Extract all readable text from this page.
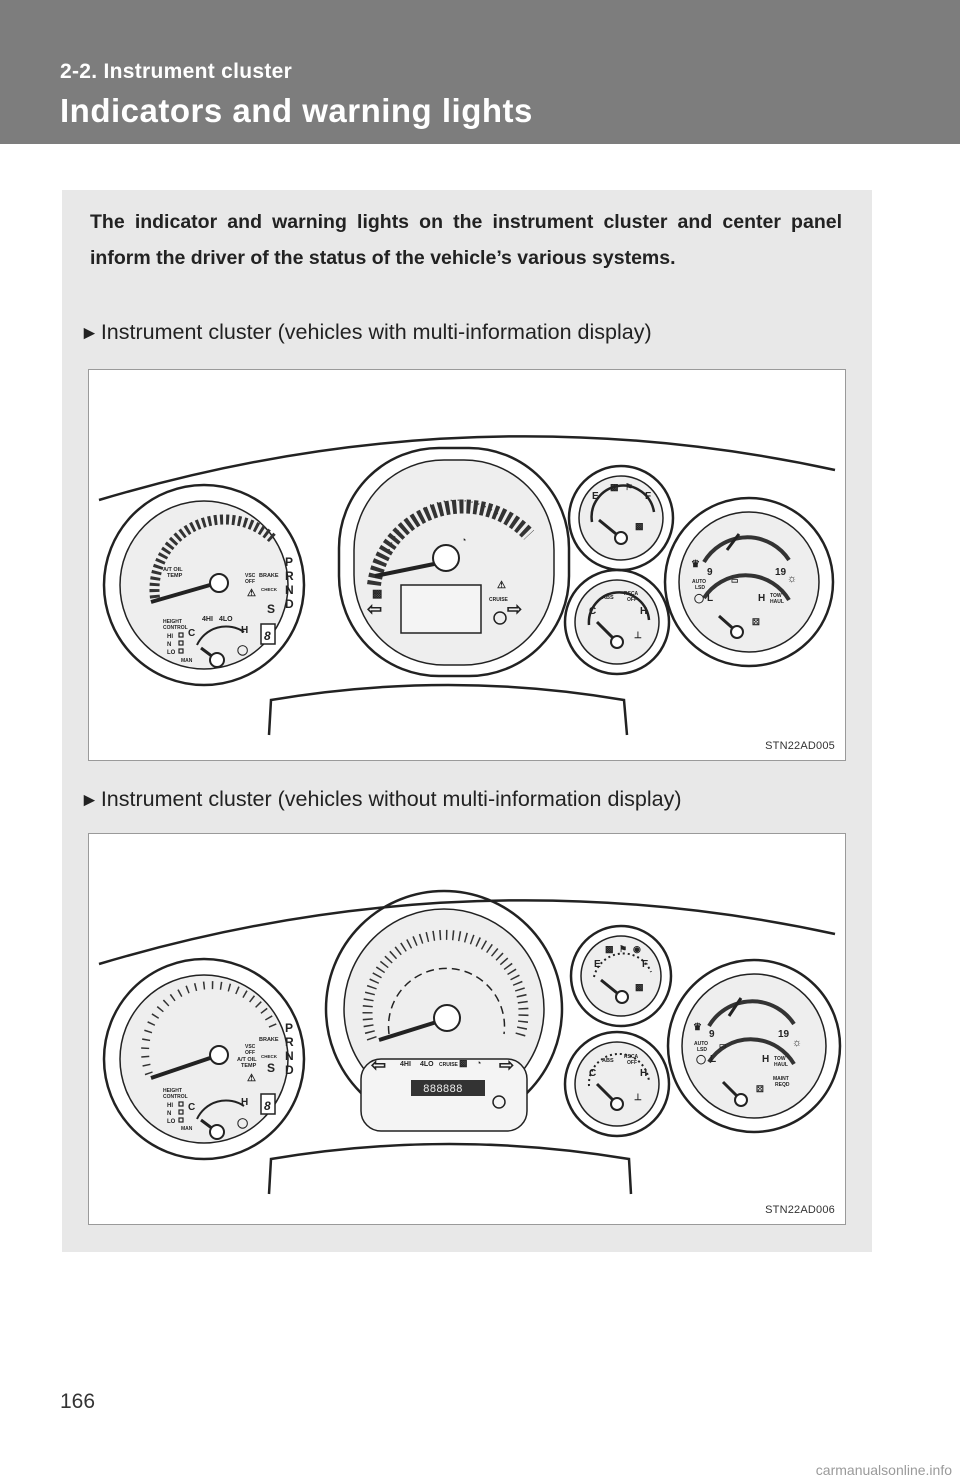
2-2. Instrument cluster
Indicators and warning lights
The indicator and warning lights on the instrument cluster and center panel inform the driver of the status of the vehicle’s various systems.
►Instrument cluster (vehicles with multi-information display)
P
R
N
D
S
A/T OIL
TEMP	BRAKE
VSC
OFF
CHECK
4HI 4LO
HEIGHT
CONTROL
HI
N
LO
MAN
C	H 8
⚠
◯
⇦	⇨
▩
⚠
CRUISE
◔
E	F
▩ ⚑
▩
C	H
ABS
RSCA
OFF
⊥
9	19
AUTO
LSD
TOW
HAUL
L	H
♛
☼
◯
▭
⚄
STN22AD005
►Instrument cluster (vehicles without multi-information display)
P
R
N
D
S
BRAKE
VSC
OFF
CHECK
A/T OIL
TEMP
HEIGHT
CONTROL
HI
N
LO
MAN
C	H 8
⚠
◯
⇦	⇨
4HI 4LO CRUISE ▩ ◔
888888
E	F
▩ ⚑ ◉
▩
C	H
ABS
RSCA
OFF
⊥
9	19
AUTO
LSD
TOW
HAUL
L	H
MAINT
REQD
♛
☼
◯
▭
⚄
STN22AD006
166
carmanualsonline.info
